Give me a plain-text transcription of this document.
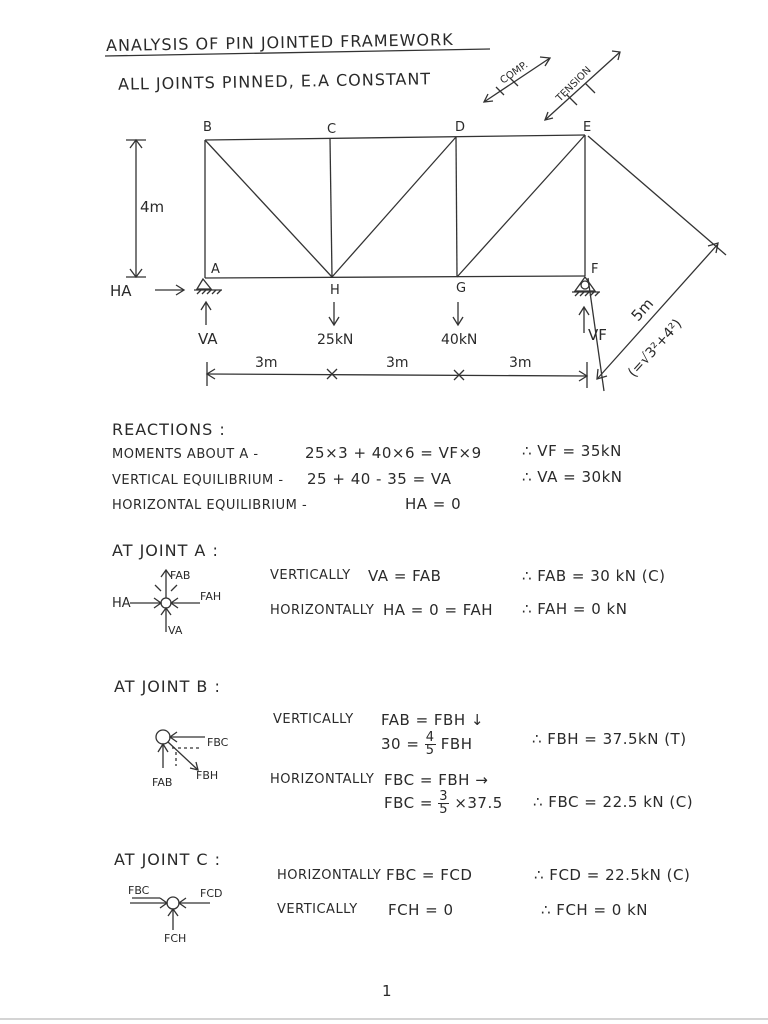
B	C	D	E
A	F
G
H
4m
3m	3m	3m
25kN	40kN
HA
VA	VF
5m
(=√3²+4²)
COMP. TENSION
FAB
FAH
HA
VA
FBC
FAB
FBH
FBC	FCD
FCH
ANALYSIS OF PIN JOINTED FRAMEWORK
ALL JOINTS PINNED, E.A CONSTANT
REACTIONS :
MOMENTS ABOUT A -	25×3 + 40×6 = VF×9	∴ VF = 35kN
VERTICAL EQUILIBRIUM - 25 + 40 - 35 = VA	∴ VA = 30kN
HORIZONTAL EQUILIBRIUM -	HA = 0
AT JOINT A :
VERTICALLY VA = FAB	∴ FAB = 30 kN (C)
HORIZONTALLY HA = 0 = FAH ∴ FAH = 0 kN
AT JOINT B :
VERTICALLY FAB = FBH ↓
$30 = \frac{4}{5}$ FBH	∴ FBH = 37.5kN (T)
HORIZONTALLY FBC = FBH →
FBC = $\frac{3}{5} \times 37.5$ ∴ FBC = 22.5 kN (C)
AT JOINT C :
HORIZONTALLY FBC = FCD	∴ FCD = 22.5kN (C)
VERTICALLY FCH = 0	∴ FCH = 0 kN
1
